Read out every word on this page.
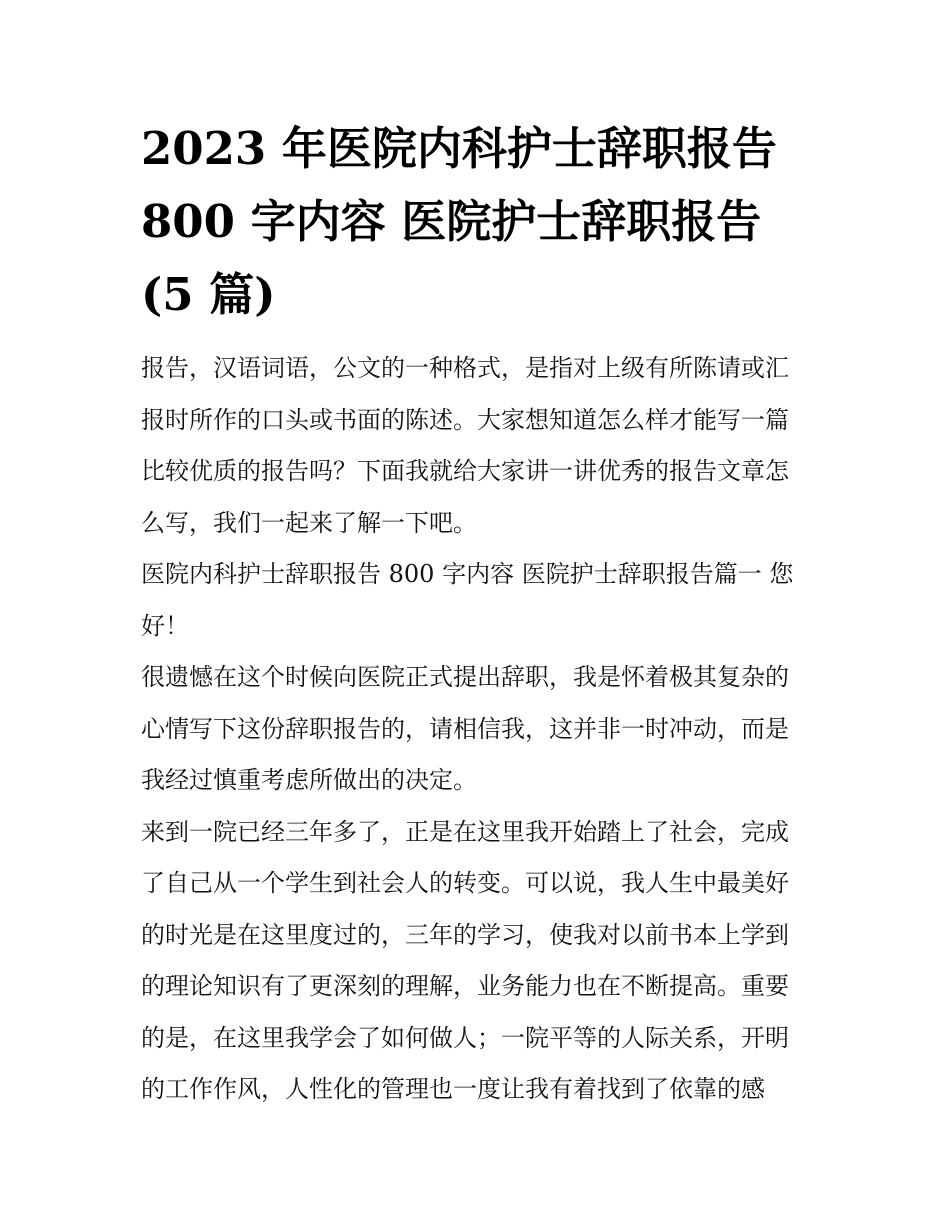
2023 年医院内科护士辞职报告
800 字内容 医院护士辞职报告
(5 篇)

报告，汉语词语，公文的一种格式，是指对上级有所陈请或汇
报时所作的口头或书面的陈述。大家想知道怎么样才能写一篇
比较优质的报告吗？下面我就给大家讲一讲优秀的报告文章怎
么写，我们一起来了解一下吧。

医院内科护士辞职报告 800 字内容 医院护士辞职报告篇一 您
好！

很遗憾在这个时候向医院正式提出辞职，我是怀着极其复杂的
心情写下这份辞职报告的，请相信我，这并非一时冲动，而是
我经过慎重考虑所做出的决定。

来到一院已经三年多了，正是在这里我开始踏上了社会，完成
了自己从一个学生到社会人的转变。可以说，我人生中最美好
的时光是在这里度过的，三年的学习，使我对以前书本上学到
的理论知识有了更深刻的理解，业务能力也在不断提高。重要
的是，在这里我学会了如何做人；一院平等的人际关系，开明
的工作作风，人性化的管理也一度让我有着找到了依靠的感
